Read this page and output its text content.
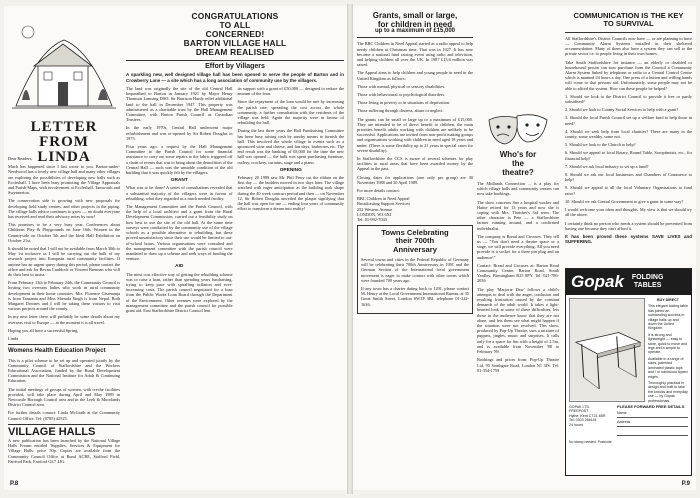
LETTER
FROM
LINDA

Dear Readers,

Much has happened since I last wrote to you. Barton-under-Needwood has a lovely new village hall and many other villages are exploring the possibilities of developing new halls such as Eccleshall. I have been busy promoting the Village Appraisals and Parish Maps, with involvement at Eccleshall, Tamworth and Swynnerton.

The conservation side is growing with new proposals for developing field study centres, and other projects in the piping. The village halls advice continues to grow — no doubt everyone has received and read their advisory notes by now!

This promises to be a very busy year. Conferences about Childrens Play & Playgrounds on June 16th, Women in the Countryside on October 5th and the Ideal Hall Exhibition on October 21st.

It should be noted that I will not be available from March 30th to May 1st inclusive as I will be carrying out the bulk of my research project into European rural community facilities. If anyone has an urgent query during this period, please contact the office and ask for Bevan Craddock or Vincent Brennan who will do their best to assist.

From February 13th to February 24th, the Community Council is hosting two overseas ladies who work in rural community development in their home countries. Mrs. Florence Gisemanja is from Tanzania and Miss Sherada Singh is from Nepal. Both Margaret Downes and I will be taking these visitors to visit various projects around the county.

In my next letter there will probably be some details about my overseas visit to Europe — at the moment it is all travel.

Hoping you all have a successful Spring,

Linda

Womens Health Education Project

This is a pilot scheme to be set up and operated jointly by the Community Council of Staffordshire and the Workers Educational Association, funded by the Rural Development Commission and the National Institute for Adult & Continuing Education.

The initial meetings of groups of women, with creche facilities provided, will take place during April and May 1989 in Newcastle Borough Council area and in the Leek & Moorlands District Council area.

For further details contact: Linda McGrath at the Community Council Office. Tel: (0785) 42525.

VILLAGE HALLS

A new publication has been launched by the National Village Halls Forum entitled 'Supplies, Services & Equipment for Village Halls: price 50p. Copies are available from the Community Council Office at Rural ACRE, Stafford Field, Fairford Park, Fairford GL7 4JG.

CONGRATULATIONS
TO ALL
CONCERNED!
BARTON VILLAGE HALL
DREAM REALISED
Effort by Villagers

A sparkling new, well designed village hall has been opened to serve the people of Barton and in Crowberry Lane — a site which has a long association of community use by the villagers.

The land was originally the site of the old Central Hall bequeathed to Barton in January 1921 by Major Henry Thomson Lamsing DSO. Sir Barrison Hardy relief additional land to the hall in December 1947. This property was administered as a charitable trust by the Hall Management Committee, with Barton Parish Council as Custodian Trustees.

In the early 1970s, Central Hall underwent major refurbishment and was re-opened by Sir Robert Douglas in 1975.

Four years ago, a request by the Hall Management Committee to the Parish Council for some financial assistance to carry out some repairs to the fabric triggered off a chain of events that was to bring about the demolition of the Central Hall — such was the unstable condition of the old building that it was quickly felt by the villagers.

GRANT

What was to be done? A series of consultations revealed that a substantial majority of the villagers were in favour of rebuilding, what they regarded as a much needed facility.

The Management Committee and the Parish Council, with the help of a local architect and a grant from the Rural Development Commission, carried out a feasibility study on how best to use the site of the old hall. At the same time surveys were conducted by the community use of the village schools as a possible alternative to rebuilding, but these proved unsatisfactory since their use would be limited to out-of-school hours. Various organisations were consulted and the management committee with the parish council were mandated to draw up a scheme and seek ways of funding the venture.

AID

The most cost effective way of getting the rebuilding scheme was to raise a loan, rather than spending years fundraising, trying to keep pace with spiralling inflation and ever-increasing costs. The parish council negotiated for a loan from the Public Works Loan Board through the Department of the Environment. Other avenues were explored by the management committee and the parish council for possible grant aid. East Staffordshire District Council lent

its support with a grant of £50,000 — designed to reduce the amount of the loan.

Since the repayment of the loan would be met by increasing the parish rate, spreading the cost across the whole community, a further consultation with the residents of the village was held. Again the majority were in favour of rebuilding the hall.

During the last three years the Hall Fundraising Committee has been busy raising cash by sundry means to furnish the hall. This involved the whole village in events such as a sponsored wine and cheese, and fun days, barbecues etc. The end result was the banking of £8,000 for the time the new hall was opened — the bulk was spent purchasing furniture, cutlery, crockery, curtains, stage and a piano.

OPENING

February 20 1989 saw Mr. Phil Perry cut the ribbon on the first day — the builders moved in two days later. The village watched with eager anticipation as the building took shape during the 40 week contract period and then — on November 12, Sir Robert Douglas unveiled the plaque signifying that the hall was open for use — ending four years of community effort to transform a dream into reality!

P.8
Grants, small or large,
for children in need
up to a maximum of £15,000

The BBC Children in Need Appeal started as a radio appeal to help needy children at Christmas time. That was in 1927. It has now become a national fund raising event using radio and television, and helping children all over the UK. In 1987 £13.6 million was raised.

The Appeal aims to help children and young people in need in the United Kingdom as follows:

Those with mental, physical or sensory disabilities.

Those with behavioural or psychological disorders.

Those living in poverty or in situations of deprivation.

Those suffering through distress, abuse or neglect.

The grants can be small or large up to a maximum of £15,000. They are intended to be of direct benefit to children, the main priorities benefit adults working with children are unlikely to be successful. Applications are invited from non-profit making groups and organisations working with children in need aged 18 years and under. (There is some flexibility up to 21 years in special cases for severe disability).

In Staffordshire the CCS is aware of several schemes for play facilities in rural areas that have been awarded money by the Appeal in the past.

Closing dates for applications (one only per group) are 30 November 1988 and 30 April 1989.

For more details contact:

BBC Children in Need Appeal
Broadcasting Support Services
252 Western Avenue
LONDON, W3 6XJ
Tel: 01-992-7043
Towns Celebrating
their 700th
Anniversary

Several towns and cities in the Federal Republic of Germany will be celebrating their 700th Anniversary in 1991 and the German Section of the International local government movement is eager to make contact with other towns which were founded 700 years ago.

If any town has a charter dating back to 1291, please contact M. Henry at the Local Government International Bureau, at 35 Great Smith Street, London SW1P 3BJ, telephone 01-222-1636.

Who's for
the
theatre?

The Midlands Connection ... is a play for which village halls and community centres can now take bookings.

The show concerns Sue a hospital worker and Hattie retired for 13 years and now she is coping with Mrs. Thatcher's 3rd term. The other character is Pete — a Staffordshire farmer running around, and a confirmed individualist.

The company is Bread and Circuses. They tell us — "You don't need a theatre space or a stage, we will provide everything. All you need provide is a socket for a three pin plug and an audience!"

Contact: Bread and Circuses at: Barton Road Community Centre, Barton Road, South Yardley, Birmingham B25 8PY. Tel: 021-786-2036

The play 'Marjorie Daw' follows a child's attempts to deal with the anger, confusion and resulting frustration caused by the constant demands of the adult world. It takes a light-hearted look at some of these difficulties, lets those in the audience know that they are not alone, and lets them see what might happen if the situation were not resolved. This show, produced by Pop-Up Theatre, uses a mixture of puppets, jingles, music and surprises. It calls only for a space for 6m with a height of 2.5m, and is available from November '88 to February '89.

Bookings and prices from: Pop-Up Theatre Ltd, 95 Southgate Road, London N1 3JS. Tel: 01-354-1759

COMMUNICATION IS THE KEY
TO SURVIVAL

All Staffordshire's District Councils now have — or are planning to have — Community Alarm Systems installed in their sheltered accommodation. Many of them also have a system they can sell to the private sector i.e. to people living in their own homes.

Take South Staffordshire for instance — an elderly or disabled or housebound person can now purchase from the Council a Community Alarm System linked by telephone or radio to a Central Control Centre which is manned 24 hours a day. One press of a button and willing hands will come to that persons aid. Unfortunately, some people may not be able to afford the system. How can these people be helped?

1. Should we look to the District Council to provide it free or partly subsidised?

2. Should we look to County Social Services to help with a grant?

3. Should the local Parish Council set up a welfare fund to help those in need?

4. Should we seek help from local charities? There are many in the county, some wealthy, some not.

5. Should we look to the Church to help?

6. Should we appeal to local Rotary, Round Table, Soroptimists, etc., for financial help?

7. Should we ask local industry to set up a fund?

8. Should we ask our local businesses and Chambers of Commerce to help?

9. Should we appeal to all the local Voluntary Organisations to fund raise?

10. Should we ask Central Government to give a grant in some way?

I would welcome your ideas and thoughts. My view is that we should try all the above.

I certainly think no person who needs a system should be prevented from having one because they can't afford it.

It has been proved these systems SAVE LIVES and SUFFERING.

Gopak FOLDING
TABLES
BUY DIRECT
This elegant folding table has joined an outstanding success in village halls up and down the United Kingdom.
It is strong and lightweight — easy to store, quick to move and legs and a simple to operate.
Available in a range of sizes, patented laminated plastic tops and / or hardwood lipped edges.
Thoroughly practical in design and built to take the knocks and everyday use — by Gopak professionals.
GOPAK LTD.
FREEPOST
Hythe, Kent CT21 4BR
Tel: 0303 266181
24 hours
PLEASE FORWARD FREE DETAILS
Name
Address
No stamp needed. Postcode
P.9
